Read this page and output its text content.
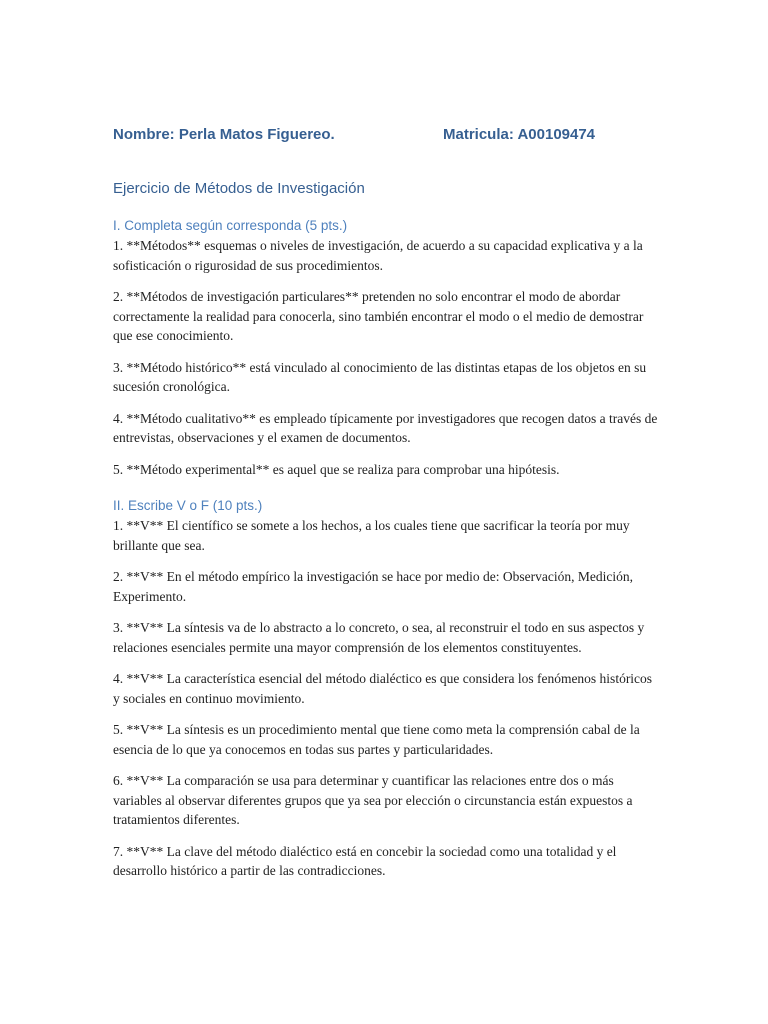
Nombre: Perla Matos Figuereo.	Matricula: A00109474
Ejercicio de Métodos de Investigación
I. Completa según corresponda (5 pts.)

1. **Métodos** esquemas o niveles de investigación, de acuerdo a su capacidad explicativa y a la sofisticación o rigurosidad de sus procedimientos.

2. **Métodos de investigación particulares** pretenden no solo encontrar el modo de abordar correctamente la realidad para conocerla, sino también encontrar el modo o el medio de demostrar que ese conocimiento.

3. **Método histórico** está vinculado al conocimiento de las distintas etapas de los objetos en su sucesión cronológica.

4. **Método cualitativo** es empleado típicamente por investigadores que recogen datos a través de entrevistas, observaciones y el examen de documentos.

5. **Método experimental** es aquel que se realiza para comprobar una hipótesis.

II. Escribe V o F (10 pts.)

1. **V** El científico se somete a los hechos, a los cuales tiene que sacrificar la teoría por muy brillante que sea.

2. **V** En el método empírico la investigación se hace por medio de: Observación, Medición, Experimento.

3. **V** La síntesis va de lo abstracto a lo concreto, o sea, al reconstruir el todo en sus aspectos y relaciones esenciales permite una mayor comprensión de los elementos constituyentes.

4. **V** La característica esencial del método dialéctico es que considera los fenómenos históricos y sociales en continuo movimiento.

5. **V** La síntesis es un procedimiento mental que tiene como meta la comprensión cabal de la esencia de lo que ya conocemos en todas sus partes y particularidades.

6. **V** La comparación se usa para determinar y cuantificar las relaciones entre dos o más variables al observar diferentes grupos que ya sea por elección o circunstancia están expuestos a tratamientos diferentes.

7. **V** La clave del método dialéctico está en concebir la sociedad como una totalidad y el desarrollo histórico a partir de las contradicciones.
